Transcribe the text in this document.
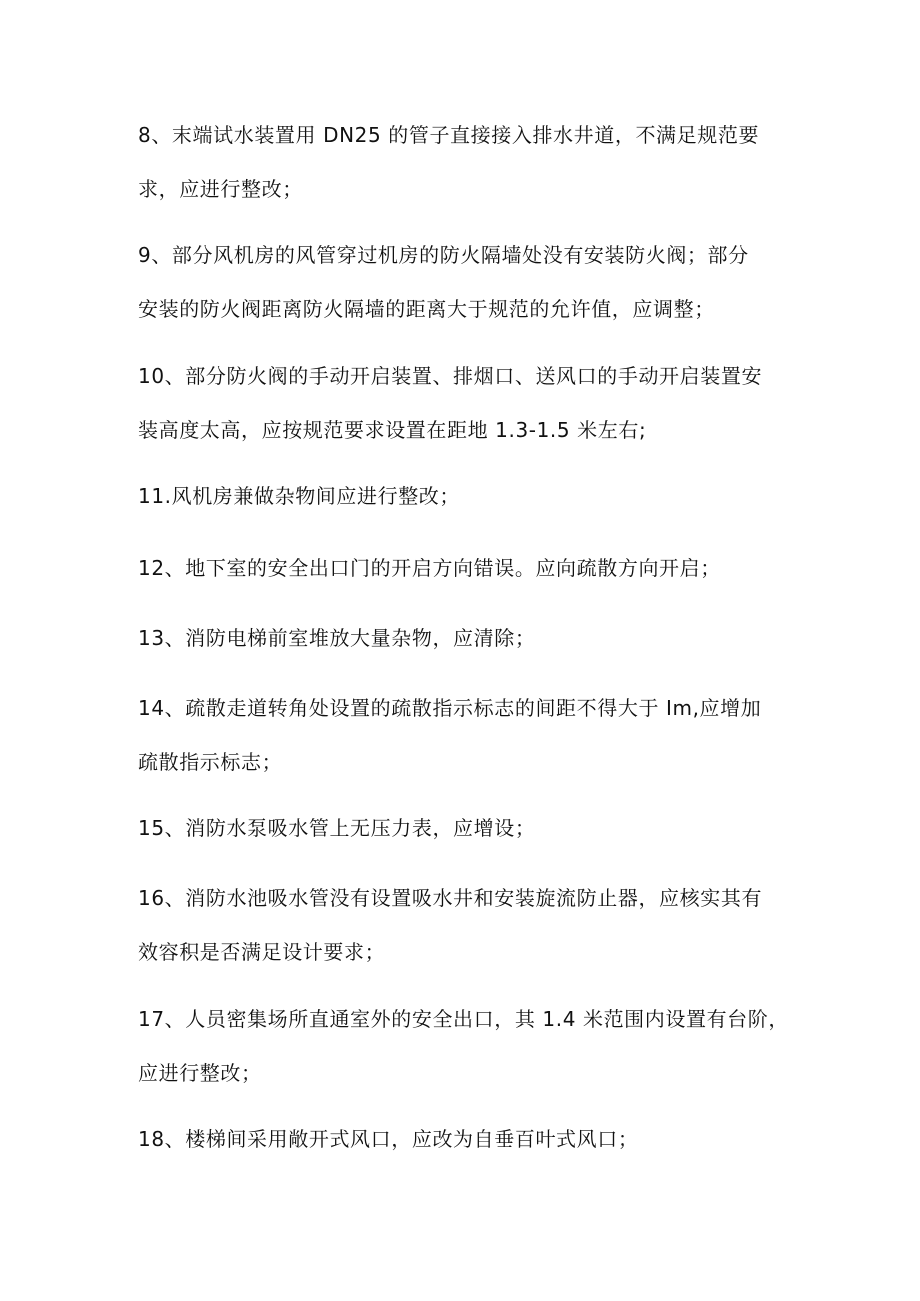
8、末端试水装置用 DN25 的管子直接接入排水井道，不满足规范要
求，应进行整改；
9、部分风机房的风管穿过机房的防火隔墙处没有安装防火阀；部分
安装的防火阀距离防火隔墙的距离大于规范的允许值，应调整；
10、部分防火阀的手动开启装置、排烟口、送风口的手动开启装置安
装高度太高，应按规范要求设置在距地 1.3-1.5 米左右;
11.风机房兼做杂物间应进行整改；
12、地下室的安全出口门的开启方向错误。应向疏散方向开启；
13、消防电梯前室堆放大量杂物，应清除；
14、疏散走道转角处设置的疏散指示标志的间距不得大于 Im,应增加
疏散指示标志；
15、消防水泵吸水管上无压力表，应增设；
16、消防水池吸水管没有设置吸水井和安装旋流防止器，应核实其有
效容积是否满足设计要求；
17、人员密集场所直通室外的安全出口，其 1.4 米范围内设置有台阶，
应进行整改；
18、楼梯间采用敞开式风口，应改为自垂百叶式风口；
